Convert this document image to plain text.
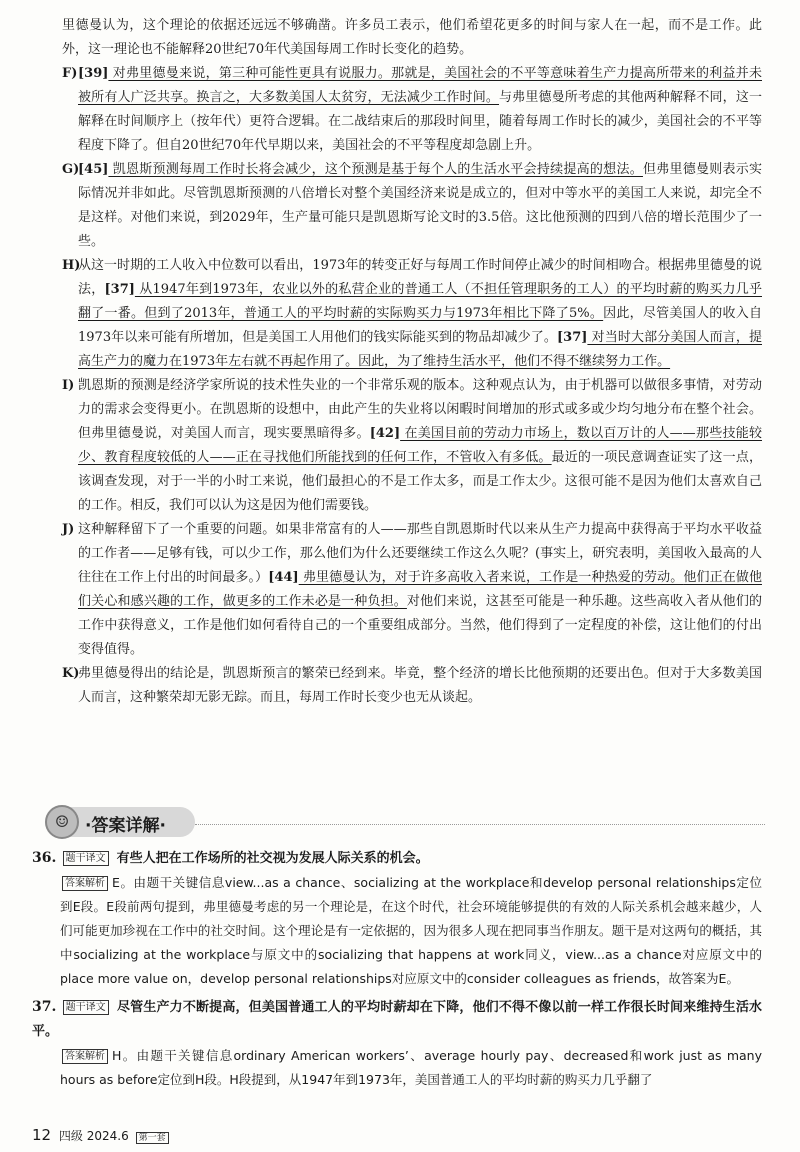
里德曼认为，这个理论的依据还远远不够确凿。许多员工表示，他们希望花更多的时间与家人在一起，而不是工作。此外，这一理论也不能解释20世纪70年代美国每周工作时长变化的趋势。

F) [39] 对弗里德曼来说，第三种可能性更具有说服力。那就是，美国社会的不平等意味着生产力提高所带来的利益并未被所有人广泛共享。换言之，大多数美国人太贫穷，无法减少工作时间。与弗里德曼所考虑的其他两种解释不同，这一解释在时间顺序上（按年代）更符合逻辑。在二战结束后的那段时间里，随着每周工作时长的减少，美国社会的不平等程度下降了。但自20世纪70年代早期以来，美国社会的不平等程度却急剧上升。

G)
[45] 凯恩斯预测每周工作时长将会减少，这个预测是基于每个人的生活水平会持续提高的想法。但弗里德曼则表示实际情况并非如此。尽管凯恩斯预测的八倍增长对整个美国经济来说是成立的，但对中等水平的美国工人来说，却完全不是这样。对他们来说，到2029年，生产量可能只是凯恩斯写论文时的3.5倍。这比他预测的四到八倍的增长范围少了一些。

H)
从这一时期的工人收入中位数可以看出，1973年的转变正好与每周工作时间停止减少的时间相吻合。根据弗里德曼的说法，[37] 从1947年到1973年，农业以外的私营企业的普通工人（不担任管理职务的工人）的平均时薪的购买力几乎翻了一番。但到了2013年，普通工人的平均时薪的实际购买力与1973年相比下降了5%。因此，尽管美国人的收入自1973年以来可能有所增加，但是美国工人用他们的钱实际能买到的物品却减少了。[37] 对当时大部分美国人而言，提高生产力的魔力在1973年左右就不再起作用了。因此，为了维持生活水平，他们不得不继续努力工作。

I) 凯恩斯的预测是经济学家所说的技术性失业的一个非常乐观的版本。这种观点认为，由于机器可以做很多事情，对劳动力的需求会变得更小。在凯恩斯的设想中，由此产生的失业将以闲暇时间增加的形式或多或少均匀地分布在整个社会。但弗里德曼说，对美国人而言，现实要黑暗得多。[42] 在美国目前的劳动力市场上，数以百万计的人——那些技能较少、教育程度较低的人——正在寻找他们所能找到的任何工作，不管收入有多低。最近的一项民意调查证实了这一点，该调查发现，对于一半的小时工来说，他们最担心的不是工作太多，而是工作太少。这很可能不是因为他们太喜欢自己的工作。相反，我们可以认为这是因为他们需要钱。

J) 这种解释留下了一个重要的问题。如果非常富有的人——那些自凯恩斯时代以来从生产力提高中获得高于平均水平收益的工作者——足够有钱，可以少工作，那么他们为什么还要继续工作这么久呢？(事实上，研究表明，美国收入最高的人往往在工作上付出的时间最多。）[44] 弗里德曼认为，对于许多高收入者来说，工作是一种热爱的劳动。他们正在做他们关心和感兴趣的工作，做更多的工作未必是一种负担。对他们来说，这甚至可能是一种乐趣。这些高收入者从他们的工作中获得意义，工作是他们如何看待自己的一个重要组成部分。当然，他们得到了一定程度的补偿，这让他们的付出变得值得。

K)
弗里德曼得出的结论是，凯恩斯预言的繁荣已经到来。毕竟，整个经济的增长比他预期的还要出色。但对于大多数美国人而言，这种繁荣却无影无踪。而且，每周工作时长变少也无从谈起。

☺ ·答案详解·

36. 题干译文 有些人把在工作场所的社交视为发展人际关系的机会。

答案解析 E。由题干关键信息view...as a chance、socializing at the workplace和develop personal relationships定位到E段。E段前两句提到，弗里德曼考虑的另一个理论是，在这个时代，社会环境能够提供的有效的人际关系机会越来越少，人们可能更加珍视在工作中的社交时间。这个理论是有一定依据的，因为很多人现在把同事当作朋友。题干是对这两句的概括，其中socializing at the workplace与原文中的socializing that happens at work同义，view...as a chance对应原文中的place more value on，develop personal relationships对应原文中的consider colleagues as friends，故答案为E。

37. 题干译文 尽管生产力不断提高，但美国普通工人的平均时薪却在下降，他们不得不像以前一样工作很长时间来维持生活水平。

答案解析 H。由题干关键信息ordinary American workers’、average hourly pay、decreased和work just as many hours as before定位到H段。H段提到，从1947年到1973年，美国普通工人的平均时薪的购买力几乎翻了

12 四级 2024.6 第一套
